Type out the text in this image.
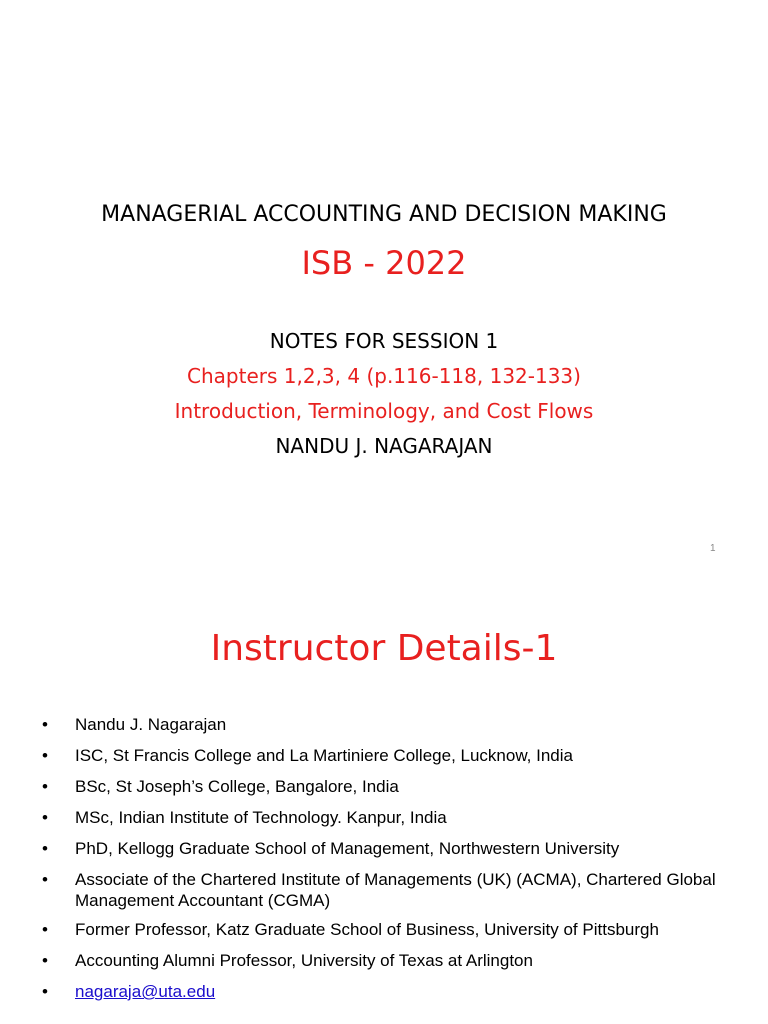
MANAGERIAL ACCOUNTING AND DECISION MAKING
ISB - 2022
NOTES FOR SESSION 1
Chapters 1,2,3, 4 (p.116-118, 132-133)
Introduction, Terminology, and Cost Flows
NANDU J. NAGARAJAN
1
Instructor Details-1
• Nandu J. Nagarajan
• ISC, St Francis College and La Martiniere College, Lucknow, India
• BSc, St Joseph’s College, Bangalore, India
• MSc, Indian Institute of Technology. Kanpur, India
• PhD, Kellogg Graduate School of Management, Northwestern University
• Associate of the Chartered Institute of Managements (UK) (ACMA), Chartered Global Management Accountant (CGMA)
• Former Professor, Katz Graduate School of Business, University of Pittsburgh
• Accounting Alumni Professor, University of Texas at Arlington
• nagaraja@uta.edu
